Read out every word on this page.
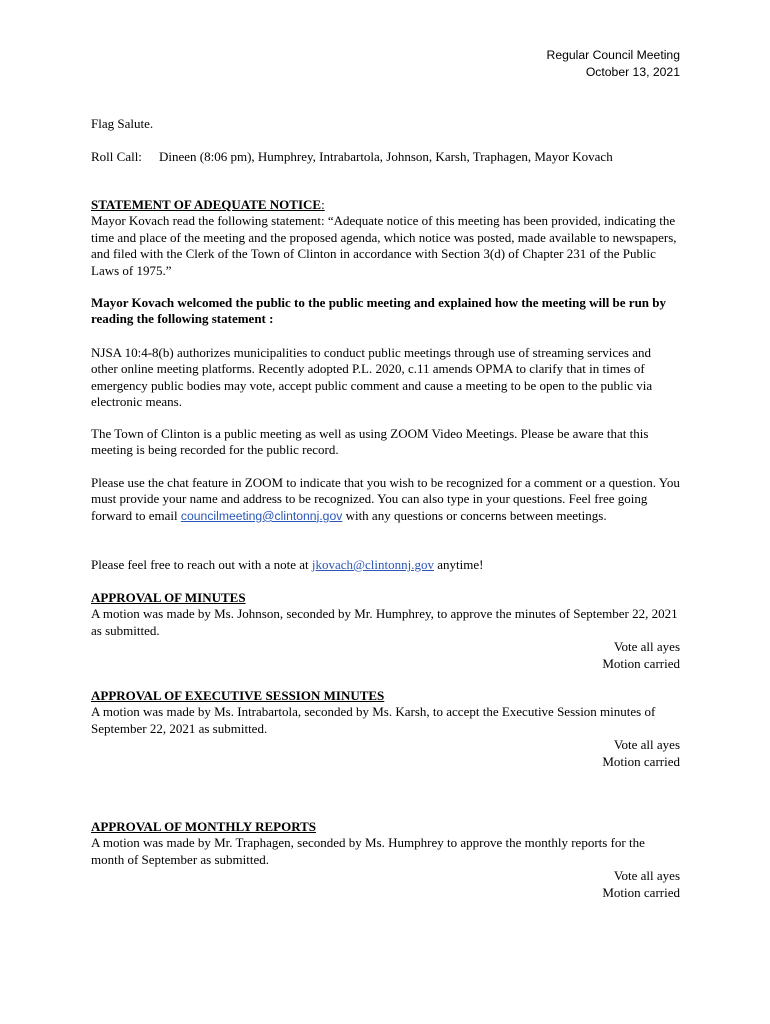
Regular Council Meeting
October 13, 2021

Flag Salute.

Roll Call: Dineen (8:06 pm), Humphrey, Intrabartola, Johnson, Karsh, Traphagen, Mayor Kovach

STATEMENT OF ADEQUATE NOTICE:

Mayor Kovach read the following statement: “Adequate notice of this meeting has been provided, indicating the time and place of the meeting and the proposed agenda, which notice was posted, made available to newspapers, and filed with the Clerk of the Town of Clinton in accordance with Section 3(d) of Chapter 231 of the Public Laws of 1975.”

Mayor Kovach welcomed the public to the public meeting and explained how the meeting will be run by reading the following statement :

NJSA 10:4-8(b) authorizes municipalities to conduct public meetings through use of streaming services and other online meeting platforms. Recently adopted P.L. 2020, c.11 amends OPMA to clarify that in times of emergency public bodies may vote, accept public comment and cause a meeting to be open to the public via electronic means.

The Town of Clinton is a public meeting as well as using ZOOM Video Meetings. Please be aware that this meeting is being recorded for the public record.

Please use the chat feature in ZOOM to indicate that you wish to be recognized for a comment or a question. You must provide your name and address to be recognized. You can also type in your questions. Feel free going forward to email councilmeeting@clintonnj.gov with any questions or concerns between meetings.

Please feel free to reach out with a note at jkovach@clintonnj.gov anytime!

APPROVAL OF MINUTES

A motion was made by Ms. Johnson, seconded by Mr. Humphrey, to approve the minutes of September 22, 2021 as submitted.

Vote all ayes

Motion carried

APPROVAL OF EXECUTIVE SESSION MINUTES

A motion was made by Ms. Intrabartola, seconded by Ms. Karsh, to accept the Executive Session minutes of September 22, 2021 as submitted.

Vote all ayes

Motion carried

APPROVAL OF MONTHLY REPORTS

A motion was made by Mr. Traphagen, seconded by Ms. Humphrey to approve the monthly reports for the month of September as submitted.

Vote all ayes

Motion carried
